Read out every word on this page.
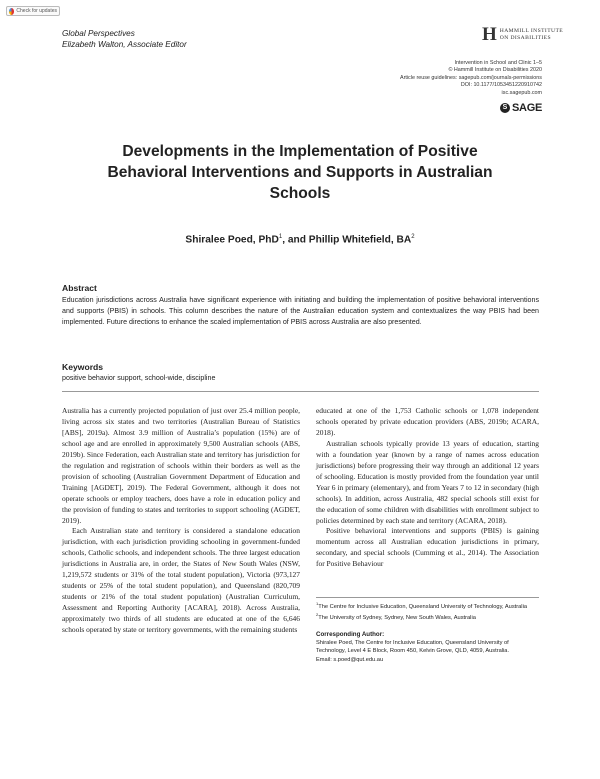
Check for updates
Global Perspectives
Elizabeth Walton, Associate Editor	H HAMMILL INSTITUTE
ON DISABILITIES
Intervention in School and Clinic 1–5
© Hammill Institute on Disabilities 2020
Article reuse guidelines: sagepub.com/journals-permissions
DOI: 10.1177/1053451220910742
isc.sagepub.com
S SAGE
Developments in the Implementation of Positive Behavioral Interventions and Supports in Australian Schools
Shiralee Poed, PhD$^1$, and Phillip Whitefield, $BA^2$
Abstract
Education jurisdictions across Australia have significant experience with initiating and building the implementation of positive behavioral interventions and supports (PBIS) in schools. This column describes the nature of the Australian education system and contextualizes the way PBIS had been implemented. Future directions to enhance the scaled implementation of PBIS across Australia are also presented.
Keywords
positive behavior support, school-wide, discipline

Australia has a currently projected population of just over 25.4 million people, living across six states and two territories (Australian Bureau of Statistics [ABS], 2019a). Almost 3.9 million of Australia’s population (15%) are of school age and are enrolled in approximately 9,500 Australian schools (ABS, 2019b). Since Federation, each Australian state and territory has jurisdiction for the regulation and registration of schools within their borders as well as the provision of schooling (Australian Government Department of Education and Training [AGDET], 2019). The Federal Government, although it does not operate schools or employ teachers, does have a role in education policy and the provision of funding to states and territories to support schooling (AGDET, 2019).

Each Australian state and territory is considered a standalone education jurisdiction, with each jurisdiction providing schooling in government-funded schools, Catholic schools, and independent schools. The three largest education jurisdictions in Australia are, in order, the States of New South Wales (NSW, 1,219,572 students or 31% of the total student population), Victoria (973,127 students or 25% of the total student population), and Queensland (820,709 students or 21% of the total student population) (Australian Curriculum, Assessment and Reporting Authority [ACARA], 2018). Across Australia, approximately two thirds of all students are educated at one of the 6,646 schools operated by state or territory governments, with the remaining students

educated at one of the 1,753 Catholic schools or 1,078 independent schools operated by private education providers (ABS, 2019b; ACARA, 2018).

Australian schools typically provide 13 years of education, starting with a foundation year (known by a range of names across education jurisdictions) before progressing their way through an additional 12 years of schooling. Education is mostly provided from the foundation year until Year 6 in primary (elementary), and from Years 7 to 12 in secondary (high schools). In addition, across Australia, 482 special schools still exist for the education of some children with disabilities with enrollment subject to policies determined by each state and territory (ACARA, 2018).

Positive behavioral interventions and supports (PBIS) is gaining momentum across all Australian education jurisdictions in primary, secondary, and special schools (Cumming et al., 2014). The Association for Positive Behaviour

$^1$The Centre for Inclusive Education, Queensland University of Technology, Australia
$^2$The University of Sydney, Sydney, New South Wales, Australia
Corresponding Author:
Shiralee Poed, The Centre for Inclusive Education, Queensland University of Technology, Level 4 E Block, Room 450, Kelvin Grove, QLD, 4059, Australia.
Email: s.poed@qut.edu.au
